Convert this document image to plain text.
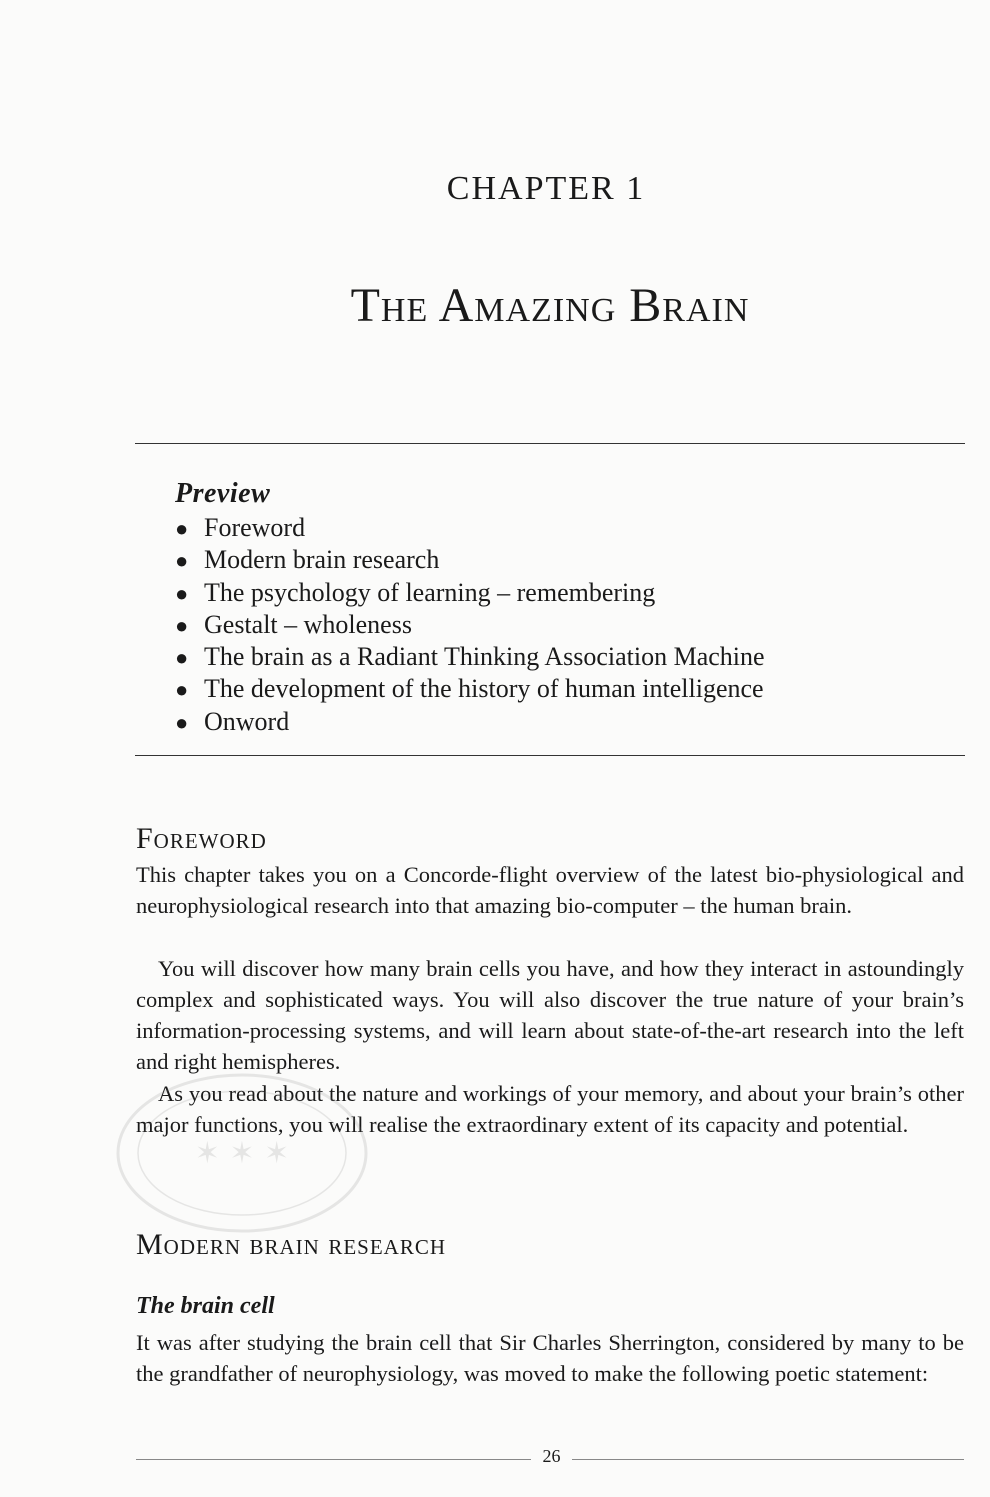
CHAPTER 1
The Amazing Brain
Preview
● Foreword
● Modern brain research
● The psychology of learning – remembering
● Gestalt – wholeness
● The brain as a Radiant Thinking Association Machine
● The development of the history of human intelligence
● Onword
Foreword

This chapter takes you on a Concorde-flight overview of the latest bio-physiological and neurophysiological research into that amazing bio-computer – the human brain.

You will discover how many brain cells you have, and how they interact in astoundingly complex and sophisticated ways. You will also discover the true nature of your brain’s information-processing systems, and will learn about state-of-the-art research into the left and right hemispheres.

As you read about the nature and workings of your memory, and about your brain’s other major functions, you will realise the extraordinary extent of its capacity and potential.

✶ ✶ ✶
Modern brain research
The brain cell

It was after studying the brain cell that Sir Charles Sherrington, considered by many to be the grandfather of neurophysiology, was moved to make the following poetic statement:

26
